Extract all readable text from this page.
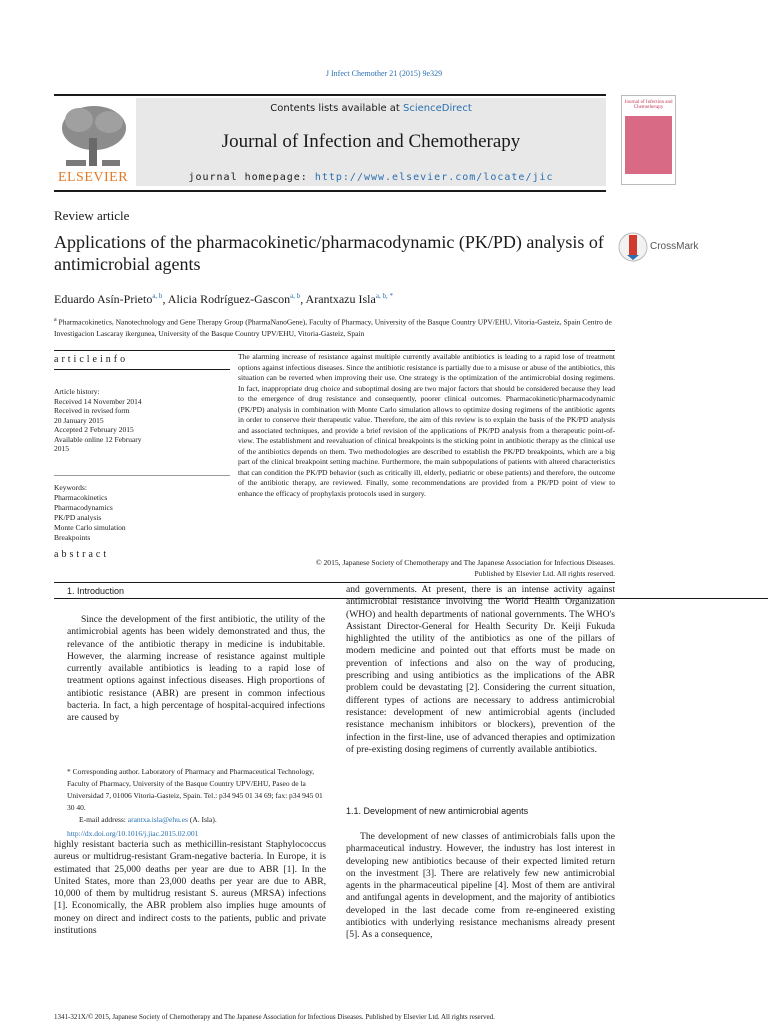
J Infect Chemother 21 (2015) 9e329
ELSEVIER
Contents lists available at ScienceDirect
Journal of Infection and Chemotherapy
journal homepage: http://www.elsevier.com/locate/jic
Journal of Infection and Chemotherapy
Review article
Applications of the pharmacokinetic/pharmacodynamic (PK/PD) analysis of antimicrobial agents
CrossMark
Eduardo Asín-Prieto$^{a, b}$, Alicia Rodríguez-Gascon$^{a, b}$, Arantxazu Isla$^{a, b, *}$
$^a$ Pharmacokinetics, Nanotechnology and Gene Therapy Group (PharmaNanoGene), Faculty of Pharmacy, University of the Basque Country UPV/EHU, Vitoria-Gasteiz, Spain Centro de Investigacion Lascaray ikergunea, University of the Basque Country UPV/EHU, Vitoria-Gasteiz, Spain
articleinfo
Article history:
Received 14 November 2014
Received in revised form
20 January 2015
Accepted 2 February 2015
Available online 12 February
2015
Keywords:
Pharmacokinetics
Pharmacodynamics
PK/PD analysis
Monte Carlo simulation
Breakpoints
abstract
The alarming increase of resistance against multiple currently available antibiotics is leading to a rapid lose of treatment options against infectious diseases. Since the antibiotic resistance is partially due to a misuse or abuse of the antibiotics, this situation can be reverted when improving their use. One strategy is the optimization of the antimicrobial dosing regimens. In fact, inappropriate drug choice and suboptimal dosing are two major factors that should be considered because they lead to the emergence of drug resistance and consequently, poorer clinical outcomes. Pharmacokinetic/pharmacodynamic (PK/PD) analysis in combination with Monte Carlo simulation allows to optimize dosing regimens of the antibiotic agents in order to conserve their therapeutic value. Therefore, the aim of this review is to explain the basis of the PK/PD analysis and associated techniques, and provide a brief revision of the applications of PK/PD analysis from a therapeutic point-of-view. The establishment and reevaluation of clinical breakpoints is the sticking point in antibiotic therapy as the clinical use of the antibiotics depends on them. Two methodologies are described to establish the PK/PD breakpoints, which are a big part of the clinical breakpoint setting machine. Furthermore, the main subpopulations of patients with altered characteristics that can condition the PK/PD behavior (such as critically ill, elderly, pediatric or obese patients) and therefore, the outcome of the antibiotic therapy, are reviewed. Finally, some recommendations are provided from a PK/PD point of view to enhance the efficacy of prophylaxis protocols used in surgery.
© 2015, Japanese Society of Chemotherapy and The Japanese Association for Infectious Diseases.
Published by Elsevier Ltd. All rights reserved.
1. Introduction
Since the development of the first antibiotic, the utility of the antimicrobial agents has been widely demonstrated and thus, the relevance of the antibiotic therapy in medicine is indubitable. However, the alarming increase of resistance against multiple currently available antibiotics is leading to a rapid lose of treatment options against infectious diseases. High proportions of antibiotic resistance (ABR) are present in common infectious bacteria. In fact, a high percentage of hospital-acquired infections are caused by
and governments. At present, there is an intense activity against antimicrobial resistance involving the World Health Organization (WHO) and health departments of national governments. The WHO's Assistant Director-General for Health Security Dr. Keiji Fukuda highlighted the utility of the antibiotics as one of the pillars of modern medicine and pointed out that efforts must be made on prevention of infections and also on the way of producing, prescribing and using antibiotics as the implications of the ABR problem could be devastating [2]. Considering the current situation, different types of actions are necessary to address antimicrobial resistance: development of new antimicrobial agents (included resistance mechanism inhibitors or blockers), prevention of the infection in the first-line, use of advanced therapies and optimization of pre-existing dosing regimens of currently available antibiotics.
* Corresponding author. Laboratory of Pharmacy and Pharmaceutical Technology, Faculty of Pharmacy, University of the Basque Country UPV/EHU, Paseo de la Universidad 7, 01006 Vitoria-Gasteiz, Spain. Tel.: p34 945 01 34 69; fax: p34 945 01 30 40.
E-mail address: arantxa.isla@ehu.es (A. Isla).
http://dx.doi.org/10.1016/j.jiac.2015.02.001
highly resistant bacteria such as methicillin-resistant Staphylococcus aureus or multidrug-resistant Gram-negative bacteria. In Europe, it is estimated that 25,000 deaths per year are due to ABR [1]. In the United States, more than 23,000 deaths per year are due to ABR, 10,000 of them by multidrug resistant S. aureus (MRSA) infections [1]. Economically, the ABR problem also implies huge amounts of money on direct and indirect costs to the patients, public and private institutions
1.1. Development of new antimicrobial agents
The development of new classes of antimicrobials falls upon the pharmaceutical industry. However, the industry has lost interest in developing new antibiotics because of their expected limited return on the investment [3]. There are relatively few new antimicrobial agents in the pharmaceutical pipeline [4]. Most of them are antiviral and antifungal agents in development, and the majority of antibiotics developed in the last decade come from re-engineered existing antibiotics with underlying resistance mechanisms already present [5]. As a consequence,
1341-321X/© 2015, Japanese Society of Chemotherapy and The Japanese Association for Infectious Diseases. Published by Elsevier Ltd. All rights reserved.
